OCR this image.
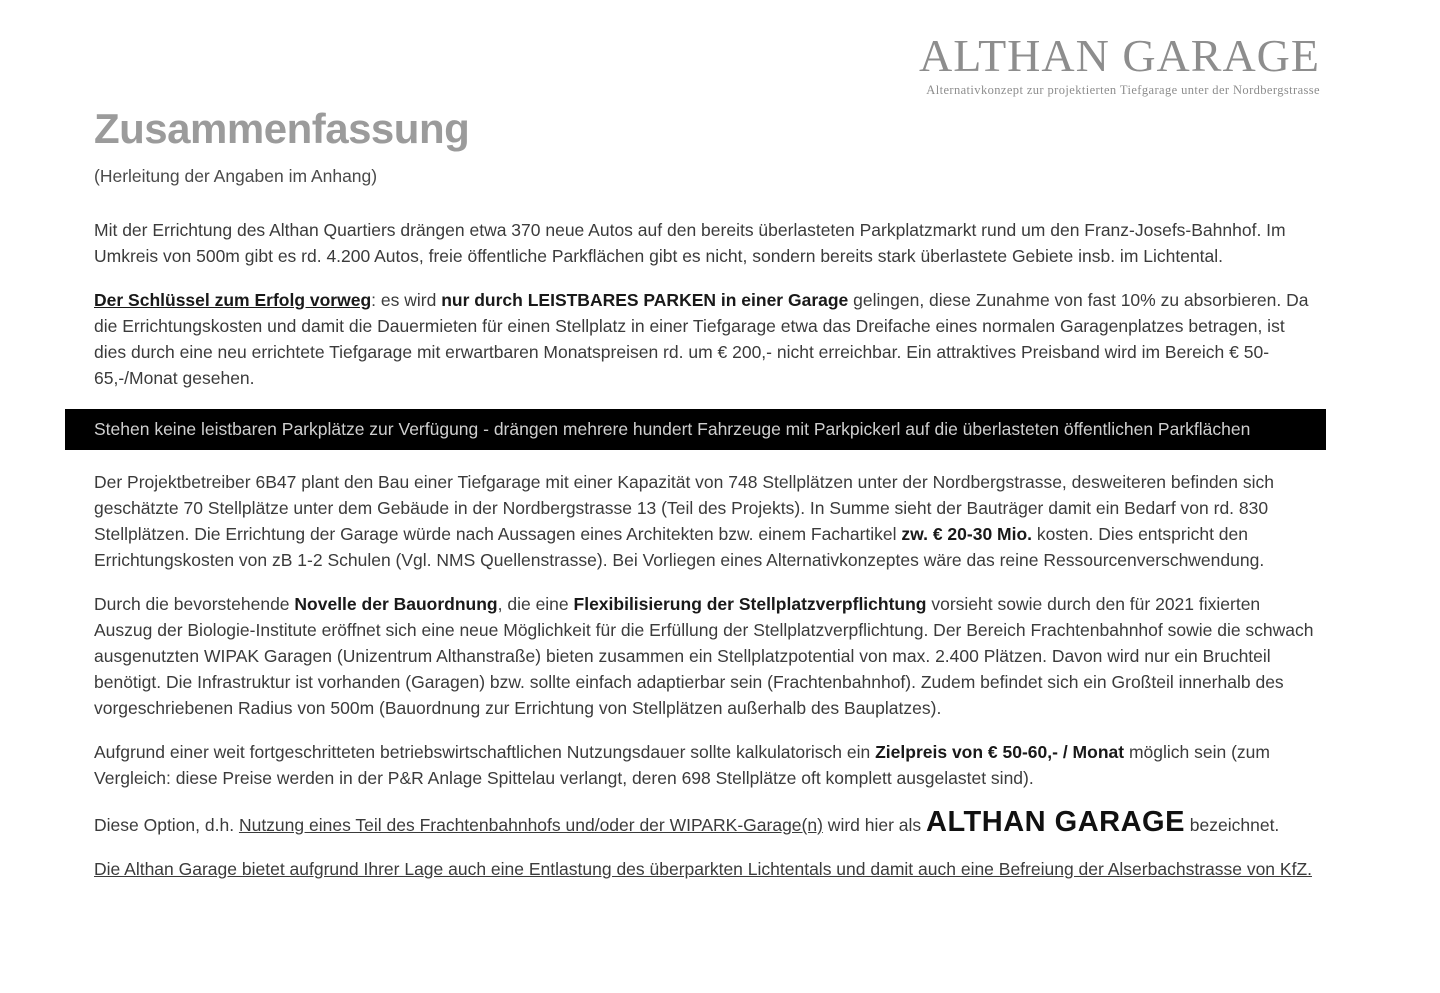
ALTHAN GARAGE
Alternativkonzept zur projektierten Tiefgarage unter der Nordbergstrasse
Zusammenfassung
(Herleitung der Angaben im Anhang)

Mit der Errichtung des Althan Quartiers drängen etwa 370 neue Autos auf den bereits überlasteten Parkplatzmarkt rund um den Franz-Josefs-Bahnhof. Im Umkreis von 500m gibt es rd. 4.200 Autos, freie öffentliche Parkflächen gibt es nicht, sondern bereits stark überlastete Gebiete insb. im Lichtental.

Der Schlüssel zum Erfolg vorweg: es wird nur durch LEISTBARES PARKEN in einer Garage gelingen, diese Zunahme von fast 10% zu absorbieren. Da die Errichtungskosten und damit die Dauermieten für einen Stellplatz in einer Tiefgarage etwa das Dreifache eines normalen Garagenplatzes betragen, ist dies durch eine neu errichtete Tiefgarage mit erwartbaren Monatspreisen rd. um € 200,- nicht erreichbar. Ein attraktives Preisband wird im Bereich € 50-65,-/Monat gesehen.

Stehen keine leistbaren Parkplätze zur Verfügung - drängen mehrere hundert Fahrzeuge mit Parkpickerl auf die überlasteten öffentlichen Parkflächen

Der Projektbetreiber 6B47 plant den Bau einer Tiefgarage mit einer Kapazität von 748 Stellplätzen unter der Nordbergstrasse, desweiteren befinden sich geschätzte 70 Stellplätze unter dem Gebäude in der Nordbergstrasse 13 (Teil des Projekts). In Summe sieht der Bauträger damit ein Bedarf von rd. 830 Stellplätzen. Die Errichtung der Garage würde nach Aussagen eines Architekten bzw. einem Fachartikel zw. € 20-30 Mio. kosten. Dies entspricht den Errichtungskosten von zB 1-2 Schulen (Vgl. NMS Quellenstrasse). Bei Vorliegen eines Alternativkonzeptes wäre das reine Ressourcenverschwendung.

Durch die bevorstehende Novelle der Bauordnung, die eine Flexibilisierung der Stellplatzverpflichtung vorsieht sowie durch den für 2021 fixierten Auszug der Biologie-Institute eröffnet sich eine neue Möglichkeit für die Erfüllung der Stellplatzverpflichtung. Der Bereich Frachtenbahnhof sowie die schwach ausgenutzten WIPAK Garagen (Unizentrum Althanstraße) bieten zusammen ein Stellplatzpotential von max. 2.400 Plätzen. Davon wird nur ein Bruchteil benötigt. Die Infrastruktur ist vorhanden (Garagen) bzw. sollte einfach adaptierbar sein (Frachtenbahnhof). Zudem befindet sich ein Großteil innerhalb des vorgeschriebenen Radius von 500m (Bauordnung zur Errichtung von Stellplätzen außerhalb des Bauplatzes).

Aufgrund einer weit fortgeschritteten betriebswirtschaftlichen Nutzungsdauer sollte kalkulatorisch ein Zielpreis von € 50-60,- / Monat möglich sein (zum Vergleich: diese Preise werden in der P&R Anlage Spittelau verlangt, deren 698 Stellplätze oft komplett ausgelastet sind).

Diese Option, d.h. Nutzung eines Teil des Frachtenbahnhofs und/oder der WIPARK-Garage(n) wird hier als ALTHAN GARAGE bezeichnet.

Die Althan Garage bietet aufgrund Ihrer Lage auch eine Entlastung des überparkten Lichtentals und damit auch eine Befreiung der Alserbachstrasse von KfZ.
